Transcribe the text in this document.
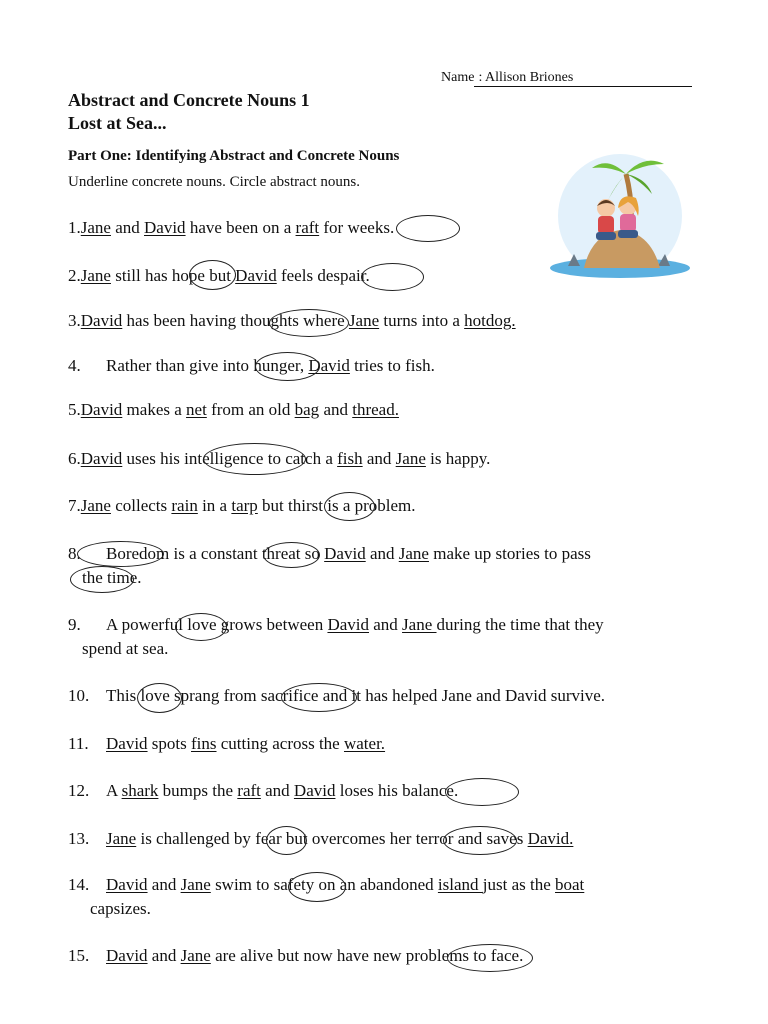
Name : Allison Briones
Abstract and Concrete Nouns 1
Lost at Sea...
Part One: Identifying Abstract and Concrete Nouns
Underline concrete nouns. Circle abstract nouns.
1.Jane and David have been on a raft for weeks.
2.Jane still has hope but David feels despair.
3.David has been having thoughts where Jane turns into a hotdog.
4. Rather than give into hunger, David tries to fish.
5.David makes a net from an old bag and thread.
6.David uses his intelligence to catch a fish and Jane is happy.
7.Jane collects rain in a tarp but thirst is a problem.
8. Boredom is a constant threat so David and Jane make up stories to pass
the time.
9. A powerful love grows between David and Jane during the time that they
spend at sea.
10. This love sprang from sacrifice and it has helped Jane and David survive.
11. David spots fins cutting across the water.
12. A shark bumps the raft and David loses his balance.
13. Jane is challenged by fear but overcomes her terror and saves David.
14. David and Jane swim to safety on an abandoned island just as the boat
capsizes.
15. David and Jane are alive but now have new problems to face.
